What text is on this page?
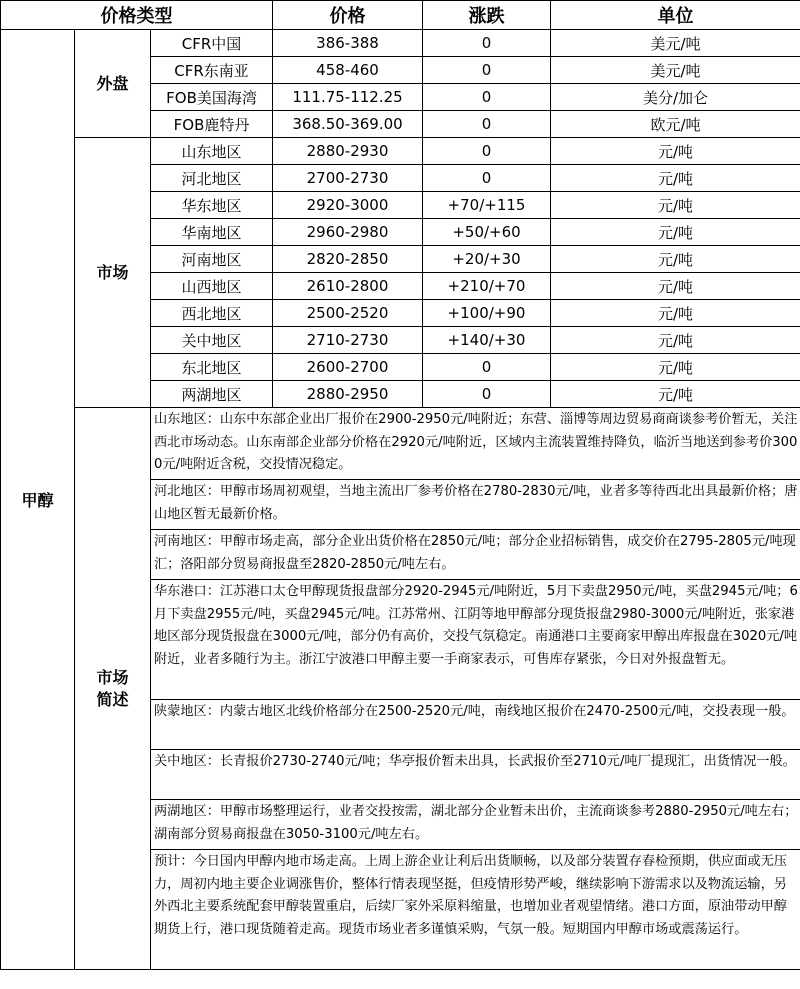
价格类型			价格	涨跌	单位
甲醇	外盘	CFR中国	386-388	0	美元/吨
		CFR东南亚	458-460	0	美元/吨
		FOB美国海湾	111.75-112.25	0	美分/加仑
		FOB鹿特丹	368.50-369.00	0	欧元/吨
	市场	山东地区	2880-2930	0	元/吨
		河北地区	2700-2730	0	元/吨
		华东地区	2920-3000	+70/+115	元/吨
		华南地区	2960-2980	+50/+60	元/吨
		河南地区	2820-2850	+20/+30	元/吨
		山西地区	2610-2800	+210/+70	元/吨
		西北地区	2500-2520	+100/+90	元/吨
		关中地区	2710-2730	+140/+30	元/吨
		东北地区	2600-2700	0	元/吨
		两湖地区	2880-2950	0	元/吨
	市场
简述	山东地区：山东中东部企业出厂报价在2900-2950元/吨附近；东营、淄博等周边贸易商商谈参考价暂无，关注西北市场动态。山东南部企业部分价格在2920元/吨附近，区域内主流装置维持降负，临沂当地送到参考价3000元/吨附近含税，交投情况稳定。			

		河北地区：甲醇市场周初观望，当地主流出厂参考价格在2780-2830元/吨，业者多等待西北出具最新价格；唐山地区暂无最新价格。			

		河南地区：甲醇市场走高，部分企业出货价格在2850元/吨；部分企业招标销售，成交价在2795-2805元/吨现汇；洛阳部分贸易商报盘至2820-2850元/吨左右。			

		华东港口：江苏港口太仓甲醇现货报盘部分2920-2945元/吨附近，5月下卖盘2950元/吨，买盘2945元/吨；6月下卖盘2955元/吨，买盘2945元/吨。江苏常州、江阴等地甲醇部分现货报盘2980-3000元/吨附近，张家港地区部分现货报盘在3000元/吨，部分仍有高价，交投气氛稳定。南通港口主要商家甲醇出库报盘在3020元/吨附近，业者多随行为主。浙江宁波港口甲醇主要一手商家表示，可售库存紧张，今日对外报盘暂无。			

		陕蒙地区：内蒙古地区北线价格部分在2500-2520元/吨，南线地区报价在2470-2500元/吨，交投表现一般。			

		关中地区：长青报价2730-2740元/吨；华亭报价暂未出具，长武报价至2710元/吨厂提现汇，出货情况一般。			

		两湖地区：甲醇市场整理运行，业者交投按需，湖北部分企业暂未出价，主流商谈参考2880-2950元/吨左右；湖南部分贸易商报盘在3050-3100元/吨左右。			

		预计：今日国内甲醇内地市场走高。上周上游企业让利后出货顺畅，以及部分装置存春检预期，供应面或无压力，周初内地主要企业调涨售价，整体行情表现坚挺，但疫情形势严峻，继续影响下游需求以及物流运输，另外西北主要系统配套甲醇装置重启，后续厂家外采原料缩量，也增加业者观望情绪。港口方面，原油带动甲醇期货上行，港口现货随着走高。现货市场业者多谨慎采购，气氛一般。短期国内甲醇市场或震荡运行。			
